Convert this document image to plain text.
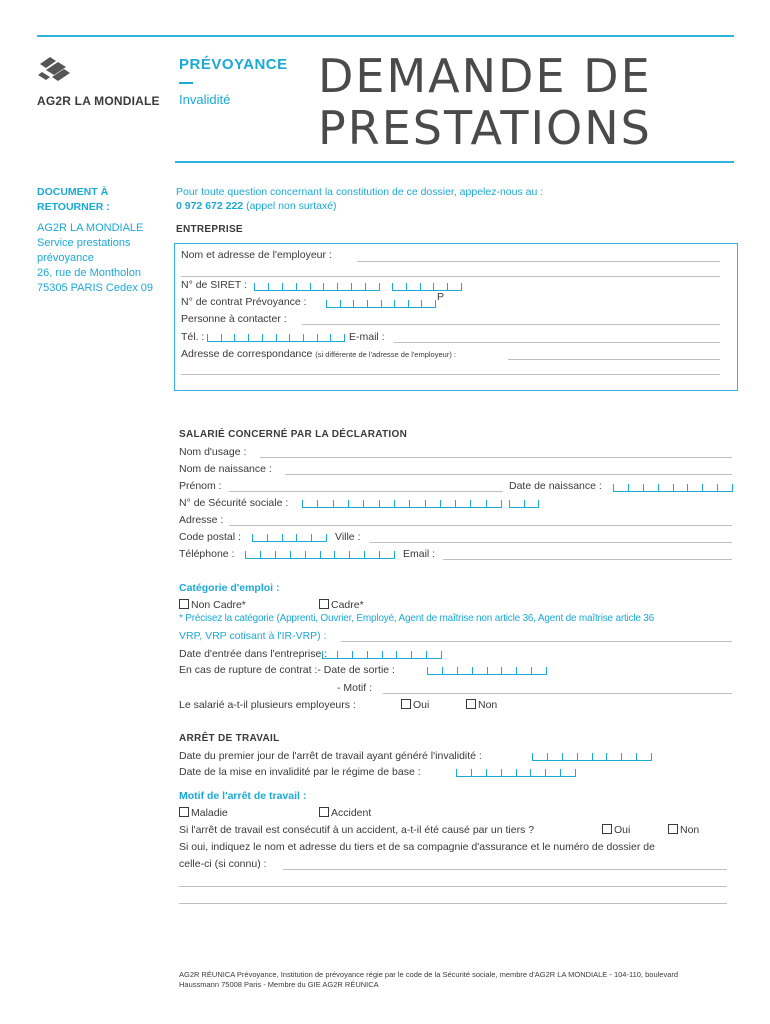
AG2R LA MONDIALE
PRÉVOYANCE
Invalidité DEMANDE DE
PRESTATIONS
DOCUMENT À
RETOURNER :
AG2R LA MONDIALE
Service prestations
prévoyance
26, rue de Montholon
75305 PARIS Cedex 09
Pour toute question concernant la constitution de ce dossier, appelez-nous au :
0 972 672 222 (appel non surtaxé)
ENTREPRISE
Nom et adresse de l'employeur :
N° de SIRET :
N° de contrat Prévoyance :	P
Personne à contacter :
Tél. :	E-mail :
Adresse de correspondance (si différente de l'adresse de l'employeur) :
SALARIÉ CONCERNÉ PAR LA DÉCLARATION
Nom d'usage :
Nom de naissance :
Prénom :	Date de naissance :
N° de Sécurité sociale :
Adresse :
Code postal :	Ville :
Téléphone :	Email :
Catégorie d'emploi :
Non Cadre*	Cadre*
* Précisez la catégorie (Apprenti, Ouvrier, Employé, Agent de maîtrise non article 36, Agent de maîtrise article 36
VRP, VRP cotisant à l'IR-VRP) :
Date d'entrée dans l'entreprise :
En cas de rupture de contrat :- Date de sortie :
- Motif :
Le salarié a-t-il plusieurs employeurs :	Oui	Non
ARRÊT DE TRAVAIL
Date du premier jour de l'arrêt de travail ayant généré l'invalidité :
Date de la mise en invalidité par le régime de base :
Motif de l'arrêt de travail :
Maladie	Accident
Si l'arrêt de travail est consécutif à un accident, a-t-il été causé par un tiers ?	Oui	Non
Si oui, indiquez le nom et adresse du tiers et de sa compagnie d'assurance et le numéro de dossier de
celle-ci (si connu) :
AG2R RÉUNICA Prévoyance, Institution de prévoyance régie par le code de la Sécurité sociale, membre d'AG2R LA MONDIALE - 104-110, boulevard
Haussmann 75008 Paris - Membre du GIE AG2R RÉUNICA
